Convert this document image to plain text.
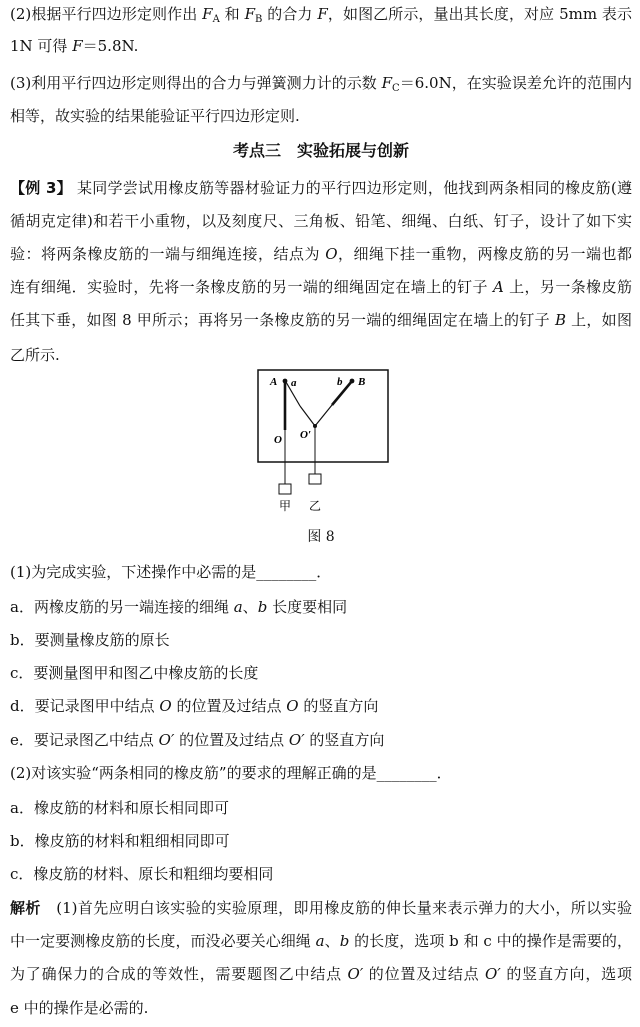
(2)根据平行四边形定则作出 $F_A$ 和 $F_B$ 的合力 F，如图乙所示，量出其长度，对应 5mm 表示
1N 可得 F＝5.8N.
(3)利用平行四边形定则得出的合力与弹簧测力计的示数 $F_C=6.0N$，在实验误差允许的范围内
相等，故实验的结果能验证平行四边形定则.
考点三　实验拓展与创新
【例 3】 某同学尝试用橡皮筋等器材验证力的平行四边形定则，他找到两条相同的橡皮筋(遵
循胡克定律)和若干小重物，以及刻度尺、三角板、铅笔、细绳、白纸、钉子，设计了如下实
验：将两条橡皮筋的一端与细绳连接，结点为 O，细绳下挂一重物，两橡皮筋的另一端也都
连有细绳．实验时，先将一条橡皮筋的另一端的细绳固定在墙上的钉子 A 上，另一条橡皮筋
任其下垂，如图 8 甲所示；再将另一条橡皮筋的另一端的细绳固定在墙上的钉子 B 上，如图
乙所示.
A a	b B
O O′
甲 乙
图 8
(1)为完成实验，下述操作中必需的是________．
a．两橡皮筋的另一端连接的细绳 a、b 长度要相同
b．要测量橡皮筋的原长
c．要测量图甲和图乙中橡皮筋的长度
d．要记录图甲中结点 O 的位置及过结点 O 的竖直方向
e．要记录图乙中结点 O′ 的位置及过结点 O′ 的竖直方向
(2)对该实验“两条相同的橡皮筋”的要求的理解正确的是________．
a．橡皮筋的材料和原长相同即可
b．橡皮筋的材料和粗细相同即可
c．橡皮筋的材料、原长和粗细均要相同
解析　 (1)首先应明白该实验的实验原理，即用橡皮筋的伸长量来表示弹力的大小，所以实验
中一定要测橡皮筋的长度，而没必要关心细绳 a、b 的长度，选项 b 和 c 中的操作是需要的，
为了确保力的合成的等效性，需要题图乙中结点 O′ 的位置及过结点 O′ 的竖直方向，选项
e 中的操作是必需的.
